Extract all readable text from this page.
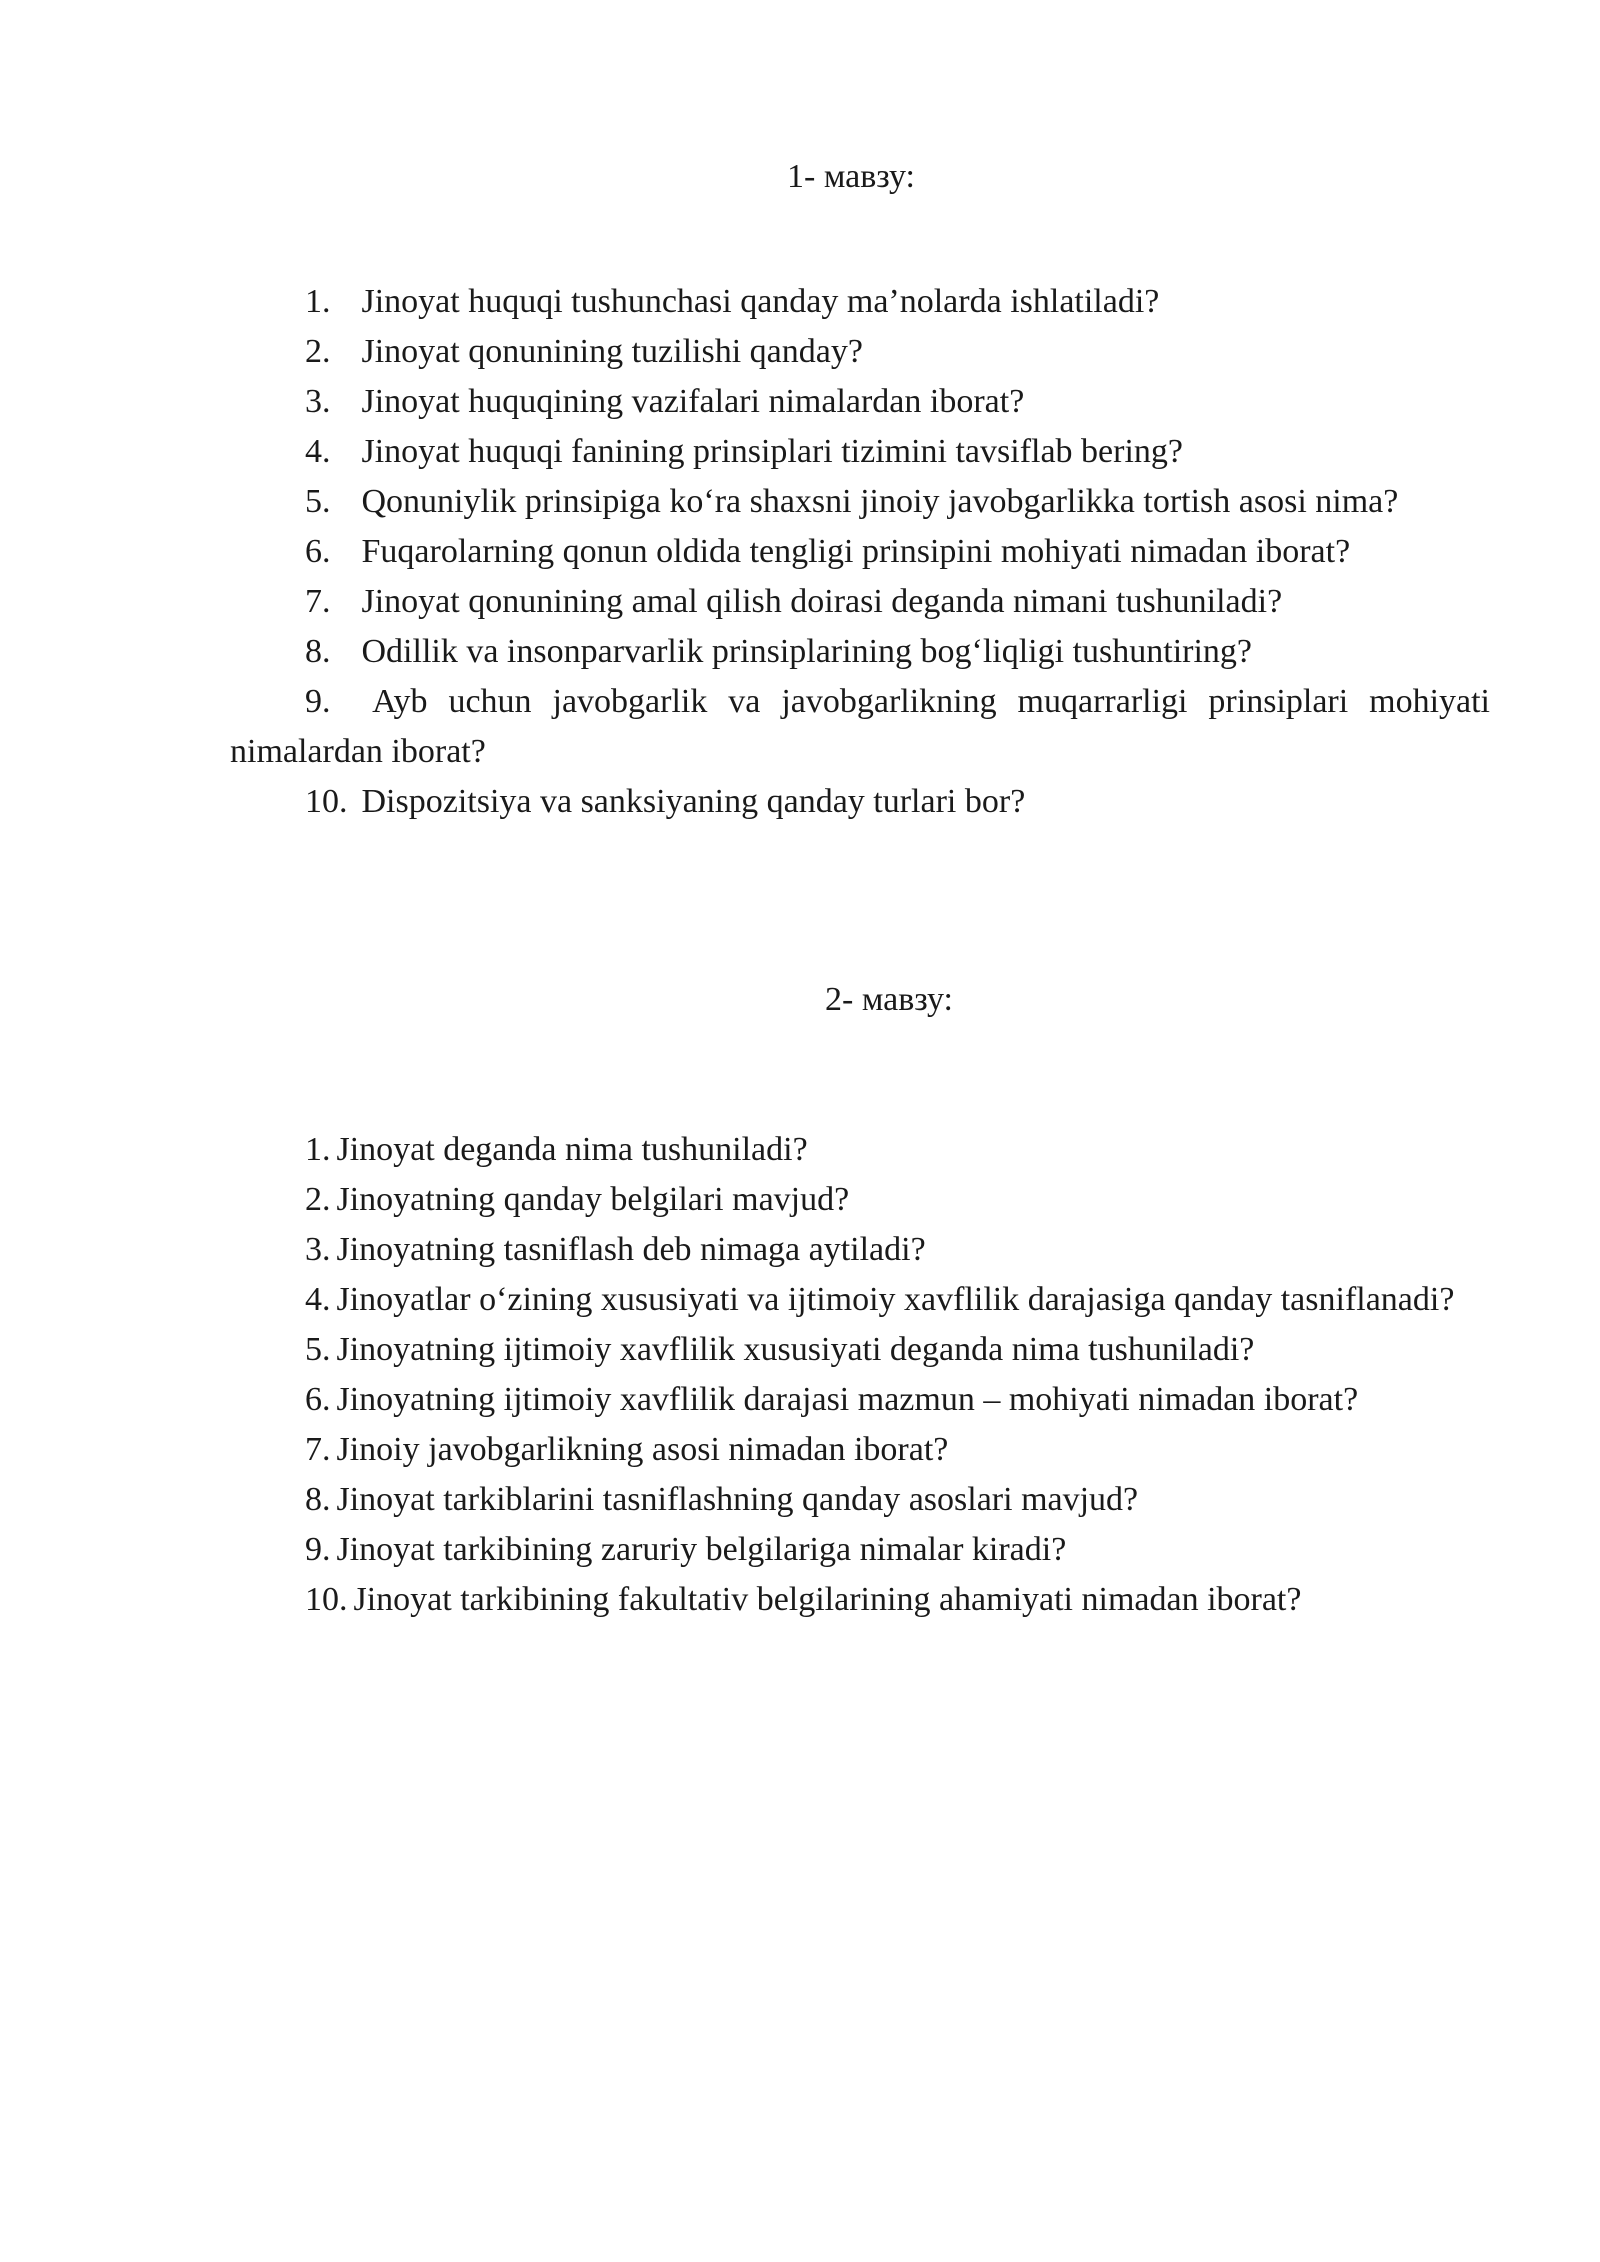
1- мавзу:
1. Jinoyat huquqi tushunchasi qanday ma’nolarda ishlatiladi?
2. Jinoyat qonunining tuzilishi qanday?
3. Jinoyat huquqining vazifalari nimalardan iborat?
4. Jinoyat huquqi fanining prinsiplari tizimini tavsiflab bering?
5. Qonuniylik prinsipiga ko‘ra shaxsni jinoiy javobgarlikka tortish asosi nima?
6. Fuqarolarning qonun oldida tengligi prinsipini mohiyati nimadan iborat?
7. Jinoyat qonunining amal qilish doirasi deganda nimani tushuniladi?
8. Odillik va insonparvarlik prinsiplarining bog‘liqligi tushuntiring?
9. Ayb uchun javobgarlik va javobgarlikning muqarrarligi prinsiplari mohiyati nimalardan iborat?
10. Dispozitsiya va sanksiyaning qanday turlari bor?
2- мавзу:
1. Jinoyat deganda nima tushuniladi?
2. Jinoyatning qanday belgilari mavjud?
3. Jinoyatning tasniflash deb nimaga aytiladi?
4. Jinoyatlar o‘zining xususiyati va ijtimoiy xavflilik darajasiga qanday tasniflanadi?
5. Jinoyatning ijtimoiy xavflilik xususiyati deganda nima tushuniladi?
6. Jinoyatning ijtimoiy xavflilik darajasi mazmun – mohiyati nimadan iborat?
7. Jinoiy javobgarlikning asosi nimadan iborat?
8. Jinoyat tarkiblarini tasniflashning qanday asoslari mavjud?
9. Jinoyat tarkibining zaruriy belgilariga nimalar kiradi?
10. Jinoyat tarkibining fakultativ belgilarining ahamiyati nimadan iborat?
